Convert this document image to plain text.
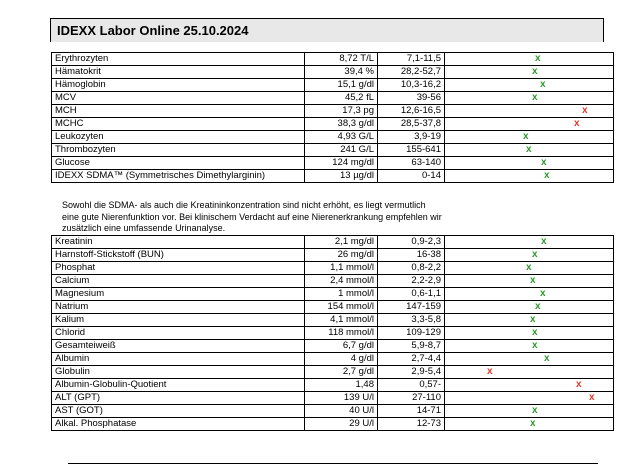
IDEXX Labor Online 25.10.2024
Erythrozyten	8,72 T/L	7,1-11,5	x

Hämatokrit	39,4 %	28,2-52,7	x

Hämoglobin	15,1 g/dl	10,3-16,2	x

MCV	45,2 fL	39-56	x

MCH	17,3 pg	12,6-16,5	x

MCHC	38,3 g/dl	28,5-37,8	x

Leukozyten	4,93 G/L	3,9-19	x

Thrombozyten	241 G/L	155-641	x

Glucose	124 mg/dl	63-140	x

IDEXX SDMA™ (Symmetrisches Dimethylarginin)	13 µg/dl	0-14	x
Sowohl die SDMA- als auch die Kreatininkonzentration sind nicht erhöht, es liegt vermutlich eine gute Nierenfunktion vor. Bei klinischem Verdacht auf eine Nierenerkrankung empfehlen wir zusätzlich eine umfassende Urinanalyse.
Kreatinin	2,1 mg/dl	0,9-2,3	x

Harnstoff-Stickstoff (BUN)	26 mg/dl	16-38	x

Phosphat	1,1 mmol/l	0,8-2,2	x

Calcium	2,4 mmol/l	2,2-2,9	x

Magnesium	1 mmol/l	0,6-1,1	x

Natrium	154 mmol/l	147-159	x

Kalium	4,1 mmol/l	3,3-5,8	x

Chlorid	118 mmol/l	109-129	x

Gesamteiweiß	6,7 g/dl	5,9-8,7	x

Albumin	4 g/dl	2,7-4,4	x

Globulin	2,7 g/dl	2,9-5,4	x

Albumin-Globulin-Quotient	1,48	0,57-	x

ALT (GPT)	139 U/l	27-110	x

AST (GOT)	40 U/l	14-71	x

Alkal. Phosphatase	29 U/l	12-73	x
